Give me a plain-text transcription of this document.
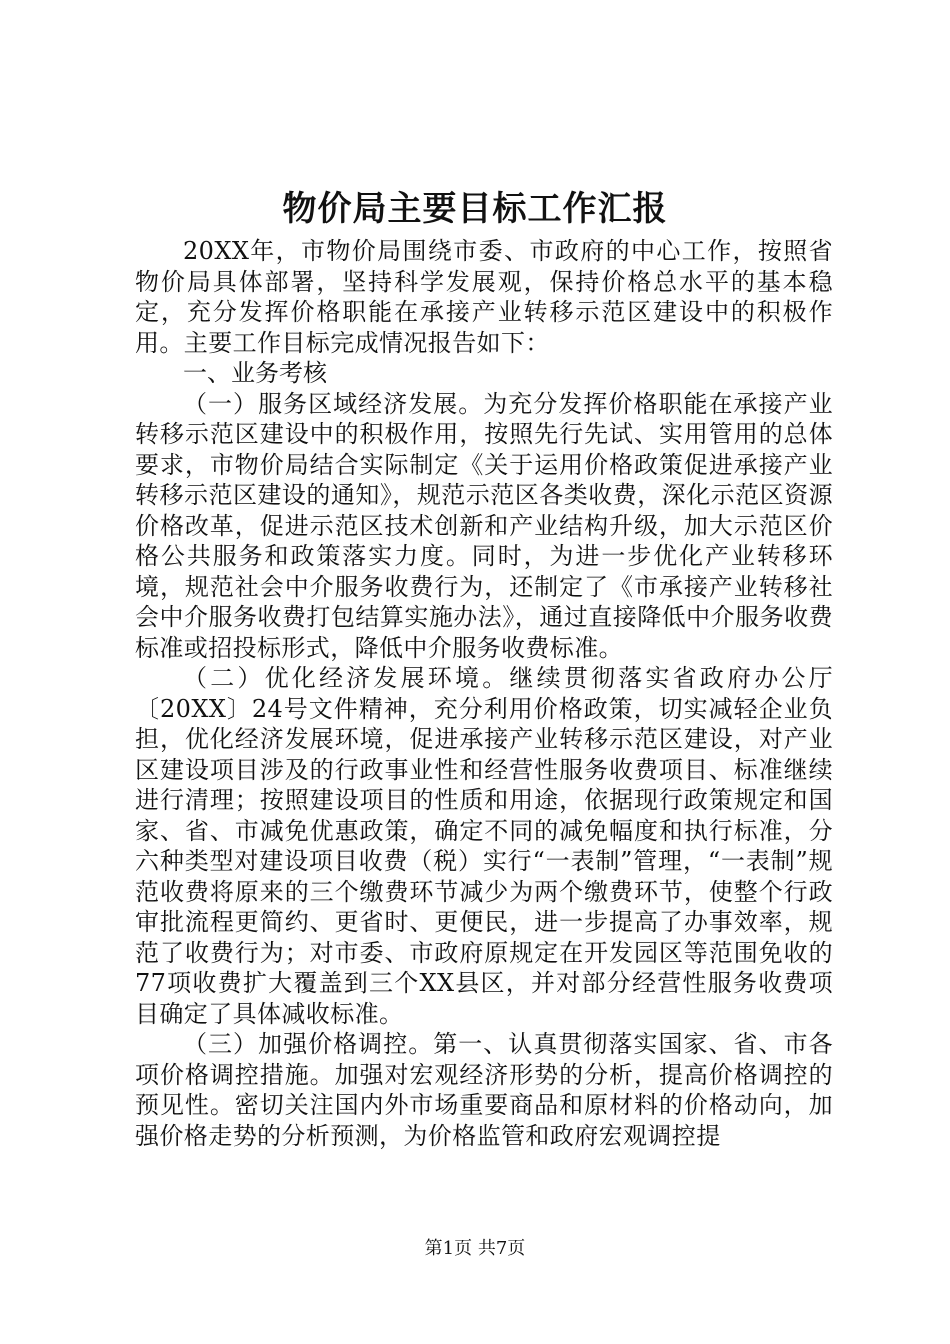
物价局主要目标工作汇报

20XX年，市物价局围绕市委、市政府的中心工作，按照省物价局具体部署，坚持科学发展观，保持价格总水平的基本稳定，充分发挥价格职能在承接产业转移示范区建设中的积极作用。主要工作目标完成情况报告如下：

一、业务考核

（一）服务区域经济发展。为充分发挥价格职能在承接产业转移示范区建设中的积极作用，按照先行先试、实用管用的总体要求，市物价局结合实际制定《关于运用价格政策促进承接产业转移示范区建设的通知》，规范示范区各类收费，深化示范区资源价格改革，促进示范区技术创新和产业结构升级，加大示范区价格公共服务和政策落实力度。同时，为进一步优化产业转移环境，规范社会中介服务收费行为，还制定了《市承接产业转移社会中介服务收费打包结算实施办法》，通过直接降低中介服务收费标准或招投标形式，降低中介服务收费标准。

（二）优化经济发展环境。继续贯彻落实省政府办公厅〔20XX〕24号文件精神，充分利用价格政策，切实减轻企业负担，优化经济发展环境，促进承接产业转移示范区建设，对产业区建设项目涉及的行政事业性和经营性服务收费项目、标准继续进行清理；按照建设项目的性质和用途，依据现行政策规定和国家、省、市减免优惠政策，确定不同的减免幅度和执行标准，分六种类型对建设项目收费（税）实行“一表制”管理，“一表制”规范收费将原来的三个缴费环节减少为两个缴费环节，使整个行政审批流程更简约、更省时、更便民，进一步提高了办事效率，规范了收费行为；对市委、市政府原规定在开发园区等范围免收的77项收费扩大覆盖到三个XX县区，并对部分经营性服务收费项目确定了具体减收标准。

（三）加强价格调控。第一、认真贯彻落实国家、省、市各项价格调控措施。加强对宏观经济形势的分析，提高价格调控的预见性。密切关注国内外市场重要商品和原材料的价格动向，加强价格走势的分析预测，为价格监管和政府宏观调控提

第1页 共7页
